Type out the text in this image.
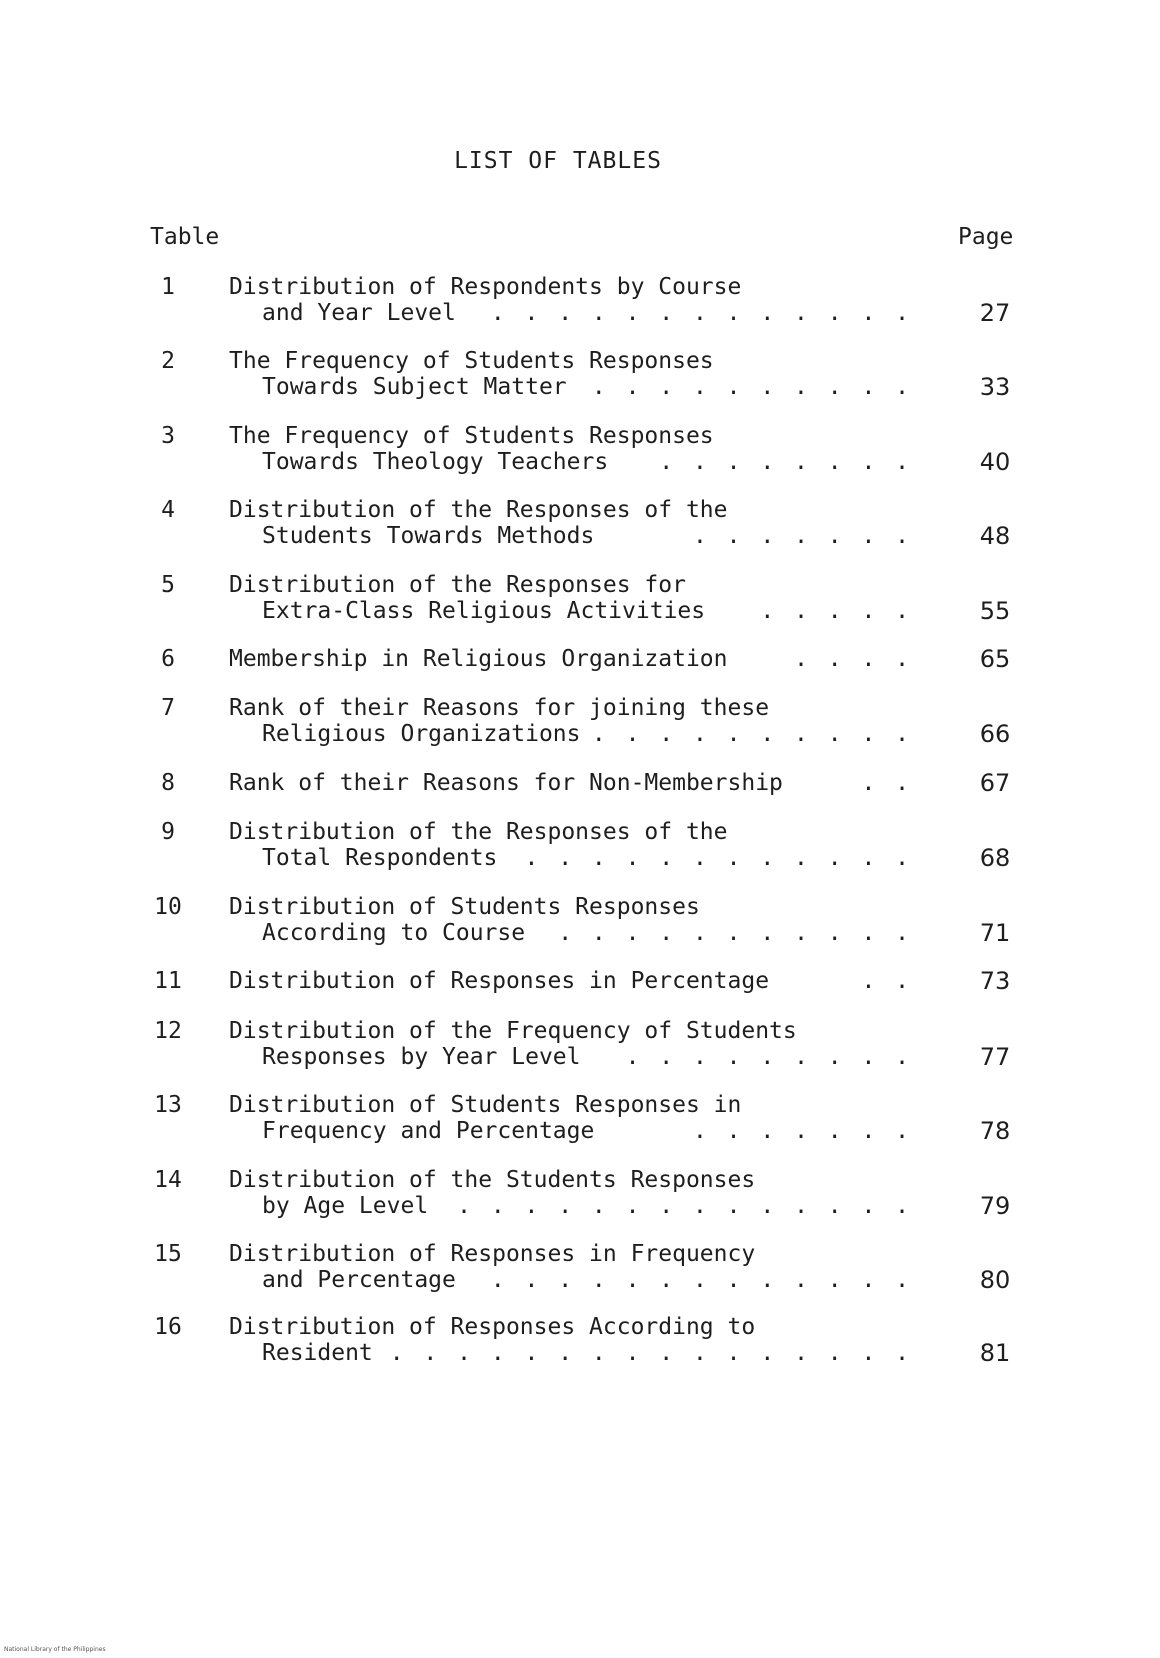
LIST OF TABLES
Table	Page
1	Distribution of Respondents by Course
and Year Level . . . . . . . . . . . . .	27
2	The Frequency of Students Responses
Towards Subject Matter . . . . . . . . . .	33
3	The Frequency of Students Responses
Towards Theology Teachers . . . . . . . .	40
4	Distribution of the Responses of the
Students Towards Methods	. . . . . . .	48
5	Distribution of the Responses for
Extra-Class Religious Activities . . . . .	55
6	Membership in Religious Organization	. . . .	65
7	Rank of their Reasons for joining these
Religious Organizations . . . . . . . . . .	66
8	Rank of their Reasons for Non-Membership	. .	67
9	Distribution of the Responses of the
Total Respondents . . . . . . . . . . . .	68
10 Distribution of Students Responses
According to Course . . . . . . . . . . .	71
11 Distribution of Responses in Percentage	. .	73
12 Distribution of the Frequency of Students
Responses by Year Level . . . . . . . . .	77
13 Distribution of Students Responses in
Frequency and Percentage	. . . . . . .	78
14 Distribution of the Students Responses
by Age Level . . . . . . . . . . . . . .	79
15 Distribution of Responses in Frequency
and Percentage . . . . . . . . . . . . .	80
16 Distribution of Responses According to
Resident . . . . . . . . . . . . . . . .	81
National Library of the Philippines
